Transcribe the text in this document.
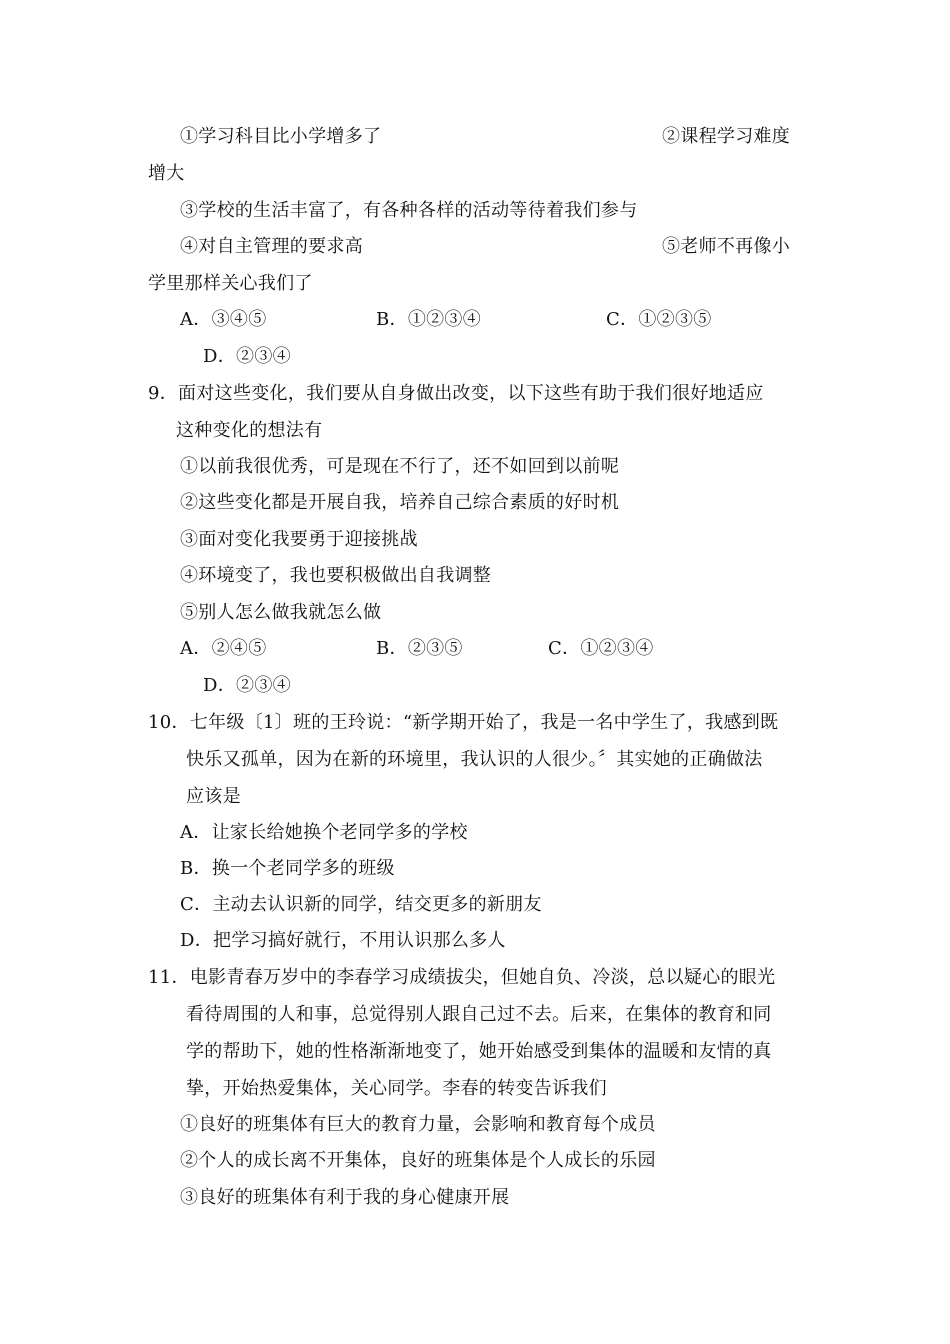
①学习科目比小学增多了	②课程学习难度
增大
③学校的生活丰富了，有各种各样的活动等待着我们参与
④对自主管理的要求高	⑤老师不再像小
学里那样关心我们了
A．③④⑤	B．①②③④	C．①②③⑤
D．②③④
9．面对这些变化，我们要从自身做出改变，以下这些有助于我们很好地适应
这种变化的想法有
①以前我很优秀，可是现在不行了，还不如回到以前呢
②这些变化都是开展自我，培养自己综合素质的好时机
③面对变化我要勇于迎接挑战
④环境变了，我也要积极做出自我调整
⑤别人怎么做我就怎么做
A．②④⑤	B．②③⑤	C．①②③④
D．②③④
10．七年级〔1〕班的王玲说：“新学期开始了，我是一名中学生了，我感到既
快乐又孤单，因为在新的环境里，我认识的人很少。〞其实她的正确做法
应该是
A．让家长给她换个老同学多的学校
B．换一个老同学多的班级
C．主动去认识新的同学，结交更多的新朋友
D．把学习搞好就行，不用认识那么多人
11．电影青春万岁中的李春学习成绩拔尖，但她自负、冷淡，总以疑心的眼光
看待周围的人和事，总觉得别人跟自己过不去。后来，在集体的教育和同
学的帮助下，她的性格渐渐地变了，她开始感受到集体的温暖和友情的真
挚，开始热爱集体，关心同学。李春的转变告诉我们
①良好的班集体有巨大的教育力量，会影响和教育每个成员
②个人的成长离不开集体，良好的班集体是个人成长的乐园
③良好的班集体有利于我的身心健康开展
